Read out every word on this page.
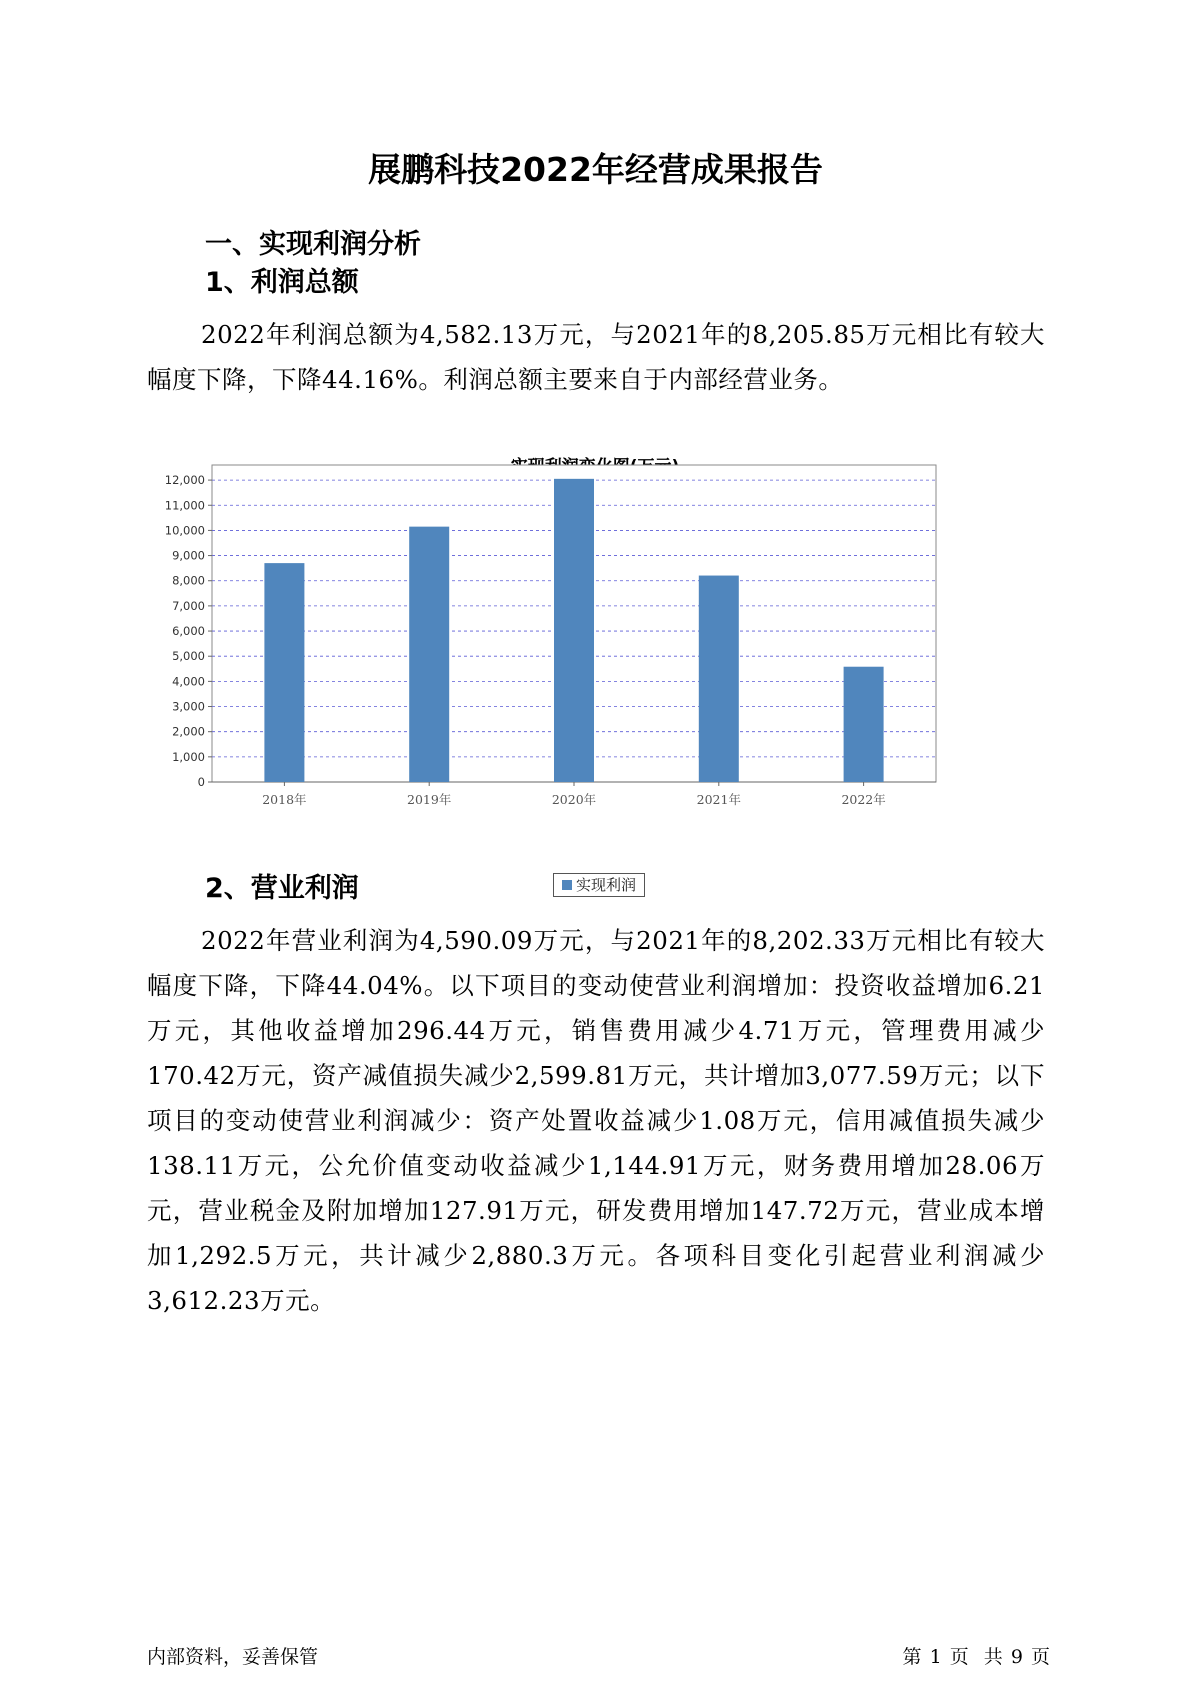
展鹏科技2022年经营成果报告
一、实现利润分析
1、利润总额
2022年利润总额为4,582.13万元，与2021年的8,205.85万元相比有较大幅度下降，下降44.16%。利润总额主要来自于内部经营业务。
0
1,000
2,000
3,000
4,000
5,000
6,000
7,000
8,000
9,000
10,000
11,000
12,000
2018年	2019年	2020年	2021年	2022年
实现利润
2、营业利润
2022年营业利润为4,590.09万元，与2021年的8,202.33万元相比有较大幅度下降，下降44.04%。以下项目的变动使营业利润增加：投资收益增加6.21万元，其他收益增加296.44万元，销售费用减少4.71万元，管理费用减少170.42万元，资产减值损失减少2,599.81万元，共计增加3,077.59万元；以下项目的变动使营业利润减少：资产处置收益减少1.08万元，信用减值损失减少138.11万元，公允价值变动收益减少1,144.91万元，财务费用增加28.06万元，营业税金及附加增加127.91万元，研发费用增加147.72万元，营业成本增加1,292.5万元，共计减少2,880.3万元。各项科目变化引起营业利润减少3,612.23万元。
内部资料，妥善保管	第 1 页  共 9 页
